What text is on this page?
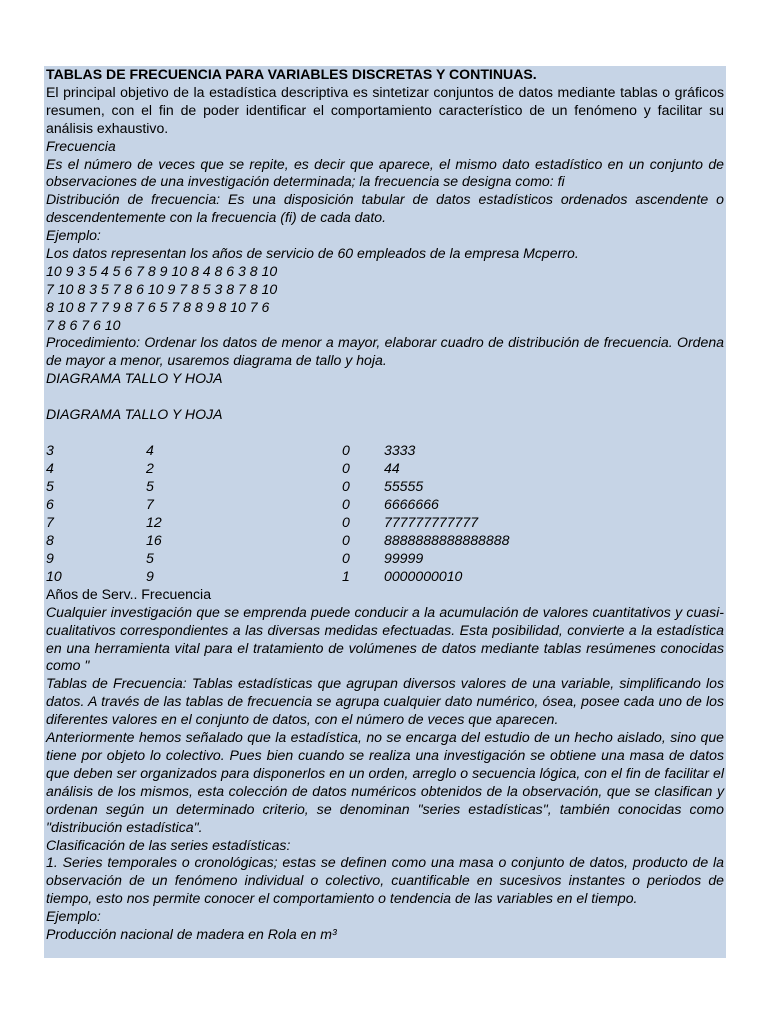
TABLAS DE FRECUENCIA PARA VARIABLES DISCRETAS Y CONTINUAS.
El principal objetivo de la estadística descriptiva es sintetizar conjuntos de datos mediante tablas o gráficos resumen, con el fin de poder identificar el comportamiento característico de un fenómeno y facilitar su análisis exhaustivo.
Frecuencia
Es el número de veces que se repite, es decir que aparece, el mismo dato estadístico en un conjunto de observaciones de una investigación determinada; la frecuencia se designa como: fi
Distribución de frecuencia: Es una disposición tabular de datos estadísticos ordenados ascendente o descendentemente con la frecuencia (fi) de cada dato.
Ejemplo:
Los datos representan los años de servicio de 60 empleados de la empresa Mcperro.
10 9 3 5 4 5 6 7 8 9 10 8 4 8 6 3 8 10
7 10 8 3 5 7 8 6 10 9 7 8 5 3 8 7 8 10
8 10 8 7 7 9 8 7 6 5 7 8 8 9 8 10 7 6
7 8 6 7 6 10
Procedimiento: Ordenar los datos de menor a mayor, elaborar cuadro de distribución de frecuencia. Ordena de mayor a menor, usaremos diagrama de tallo y hoja.
DIAGRAMA TALLO Y HOJA
DIAGRAMA TALLO Y HOJA
3	4	0 3333
4	2	0 44
5	5	0 55555
6	7	0 6666666
7	12	0 777777777777
8	16	0 8888888888888888
9	5	0 99999
10	9	1 0000000010
Años de Serv.. Frecuencia
Cualquier investigación que se emprenda puede conducir a la acumulación de valores cuantitativos y cuasi-cualitativos correspondientes a las diversas medidas efectuadas. Esta posibilidad, convierte a la estadística en una herramienta vital para el tratamiento de volúmenes de datos mediante tablas resúmenes conocidas como "
Tablas de Frecuencia: Tablas estadísticas que agrupan diversos valores de una variable, simplificando los datos. A través de las tablas de frecuencia se agrupa cualquier dato numérico, ósea, posee cada uno de los diferentes valores en el conjunto de datos, con el número de veces que aparecen.
Anteriormente hemos señalado que la estadística, no se encarga del estudio de un hecho aislado, sino que tiene por objeto lo colectivo. Pues bien cuando se realiza una investigación se obtiene una masa de datos que deben ser organizados para disponerlos en un orden, arreglo o secuencia lógica, con el fin de facilitar el análisis de los mismos, esta colección de datos numéricos obtenidos de la observación, que se clasifican y ordenan según un determinado criterio, se denominan "series estadísticas", también conocidas como "distribución estadística".
Clasificación de las series estadísticas:
1. Series temporales o cronológicas; estas se definen como una masa o conjunto de datos, producto de la observación de un fenómeno individual o colectivo, cuantificable en sucesivos instantes o periodos de tiempo, esto nos permite conocer el comportamiento o tendencia de las variables en el tiempo.
Ejemplo:
Producción nacional de madera en Rola en m³
